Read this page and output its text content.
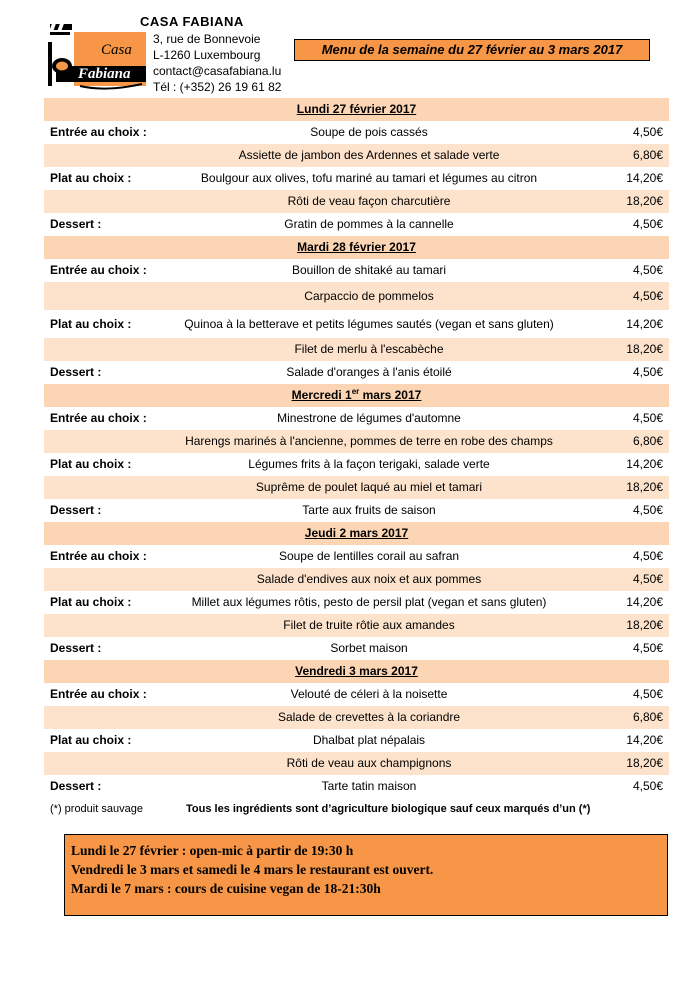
Casa
Fabiana
CASA FABIANA
3, rue de Bonnevoie
L-1260 Luxembourg
contact@casafabiana.lu
Tél : (+352) 26 19 61 82
Menu de la semaine du 27 février au 3 mars 2017
Lundi 27 février 2017
Entrée au choix :	Soupe de pois cassés	4,50€
Assiette de jambon des Ardennes et salade verte	6,80€
Plat au choix :	Boulgour aux olives, tofu mariné au tamari et légumes au citron	14,20€
Rôti de veau façon charcutière	18,20€
Dessert :	Gratin de pommes à la cannelle	4,50€
Mardi 28 février 2017
Entrée au choix :	Bouillon de shitaké au tamari	4,50€
Carpaccio de pommelos	4,50€
Plat au choix :	Quinoa à la betterave et petits légumes sautés (vegan et sans gluten)	14,20€
Filet de merlu à l'escabèche	18,20€
Dessert :	Salade d'oranges à l'anis étoilé	4,50€
Mercredi 1er mars 2017
Entrée au choix :	Minestrone de légumes d'automne	4,50€
Harengs marinés à l'ancienne, pommes de terre en robe des champs	6,80€
Plat au choix :	Légumes frits à la façon terigaki, salade verte	14,20€
Suprême de poulet laqué au miel et tamari	18,20€
Dessert :	Tarte aux fruits de saison	4,50€
Jeudi 2 mars 2017
Entrée au choix :	Soupe de lentilles corail au safran	4,50€
Salade d'endives aux noix et aux pommes	4,50€
Plat au choix :	Millet aux légumes rôtis, pesto de persil plat (vegan et sans gluten)	14,20€
Filet de truite rôtie aux amandes	18,20€
Dessert :	Sorbet maison	4,50€
Vendredi 3 mars 2017
Entrée au choix :	Velouté de céleri à la noisette	4,50€
Salade de crevettes à la coriandre	6,80€
Plat au choix :	Dhalbat plat népalais	14,20€
Rôti de veau aux champignons	18,20€
Dessert :	Tarte tatin maison	4,50€
(*) produit sauvage	Tous les ingrédients sont d’agriculture biologique sauf ceux marqués d’un (*)
Lundi le 27 février : open-mic à partir de 19:30 h
Vendredi le 3 mars et samedi le 4 mars le restaurant est ouvert.
Mardi le 7 mars : cours de cuisine vegan de 18-21:30h
